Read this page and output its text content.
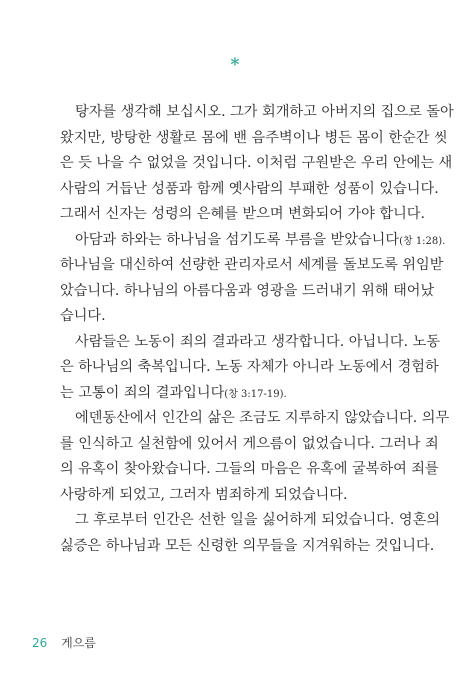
*
탕자를 생각해 보십시오. 그가 회개하고 아버지의 집으로 돌아
왔지만, 방탕한 생활로 몸에 밴 음주벽이나 병든 몸이 한순간 씻
은 듯 나을 수 없었을 것입니다. 이처럼 구원받은 우리 안에는 새
사람의 거듭난 성품과 함께 옛사람의 부패한 성품이 있습니다.
그래서 신자는 성령의 은혜를 받으며 변화되어 가야 합니다.
아담과 하와는 하나님을 섬기도록 부름을 받았습니다(창 1:28).
하나님을 대신하여 선량한 관리자로서 세계를 돌보도록 위임받
았습니다. 하나님의 아름다움과 영광을 드러내기 위해 태어났
습니다.
사람들은 노동이 죄의 결과라고 생각합니다. 아닙니다. 노동
은 하나님의 축복입니다. 노동 자체가 아니라 노동에서 경험하
는 고통이 죄의 결과입니다(창 3:17-19).
에덴동산에서 인간의 삶은 조금도 지루하지 않았습니다. 의무
를 인식하고 실천함에 있어서 게으름이 없었습니다. 그러나 죄
의 유혹이 찾아왔습니다. 그들의 마음은 유혹에 굴복하여 죄를
사랑하게 되었고, 그러자 범죄하게 되었습니다.
그 후로부터 인간은 선한 일을 싫어하게 되었습니다. 영혼의
싫증은 하나님과 모든 신령한 의무들을 지겨워하는 것입니다.
26 게으름
